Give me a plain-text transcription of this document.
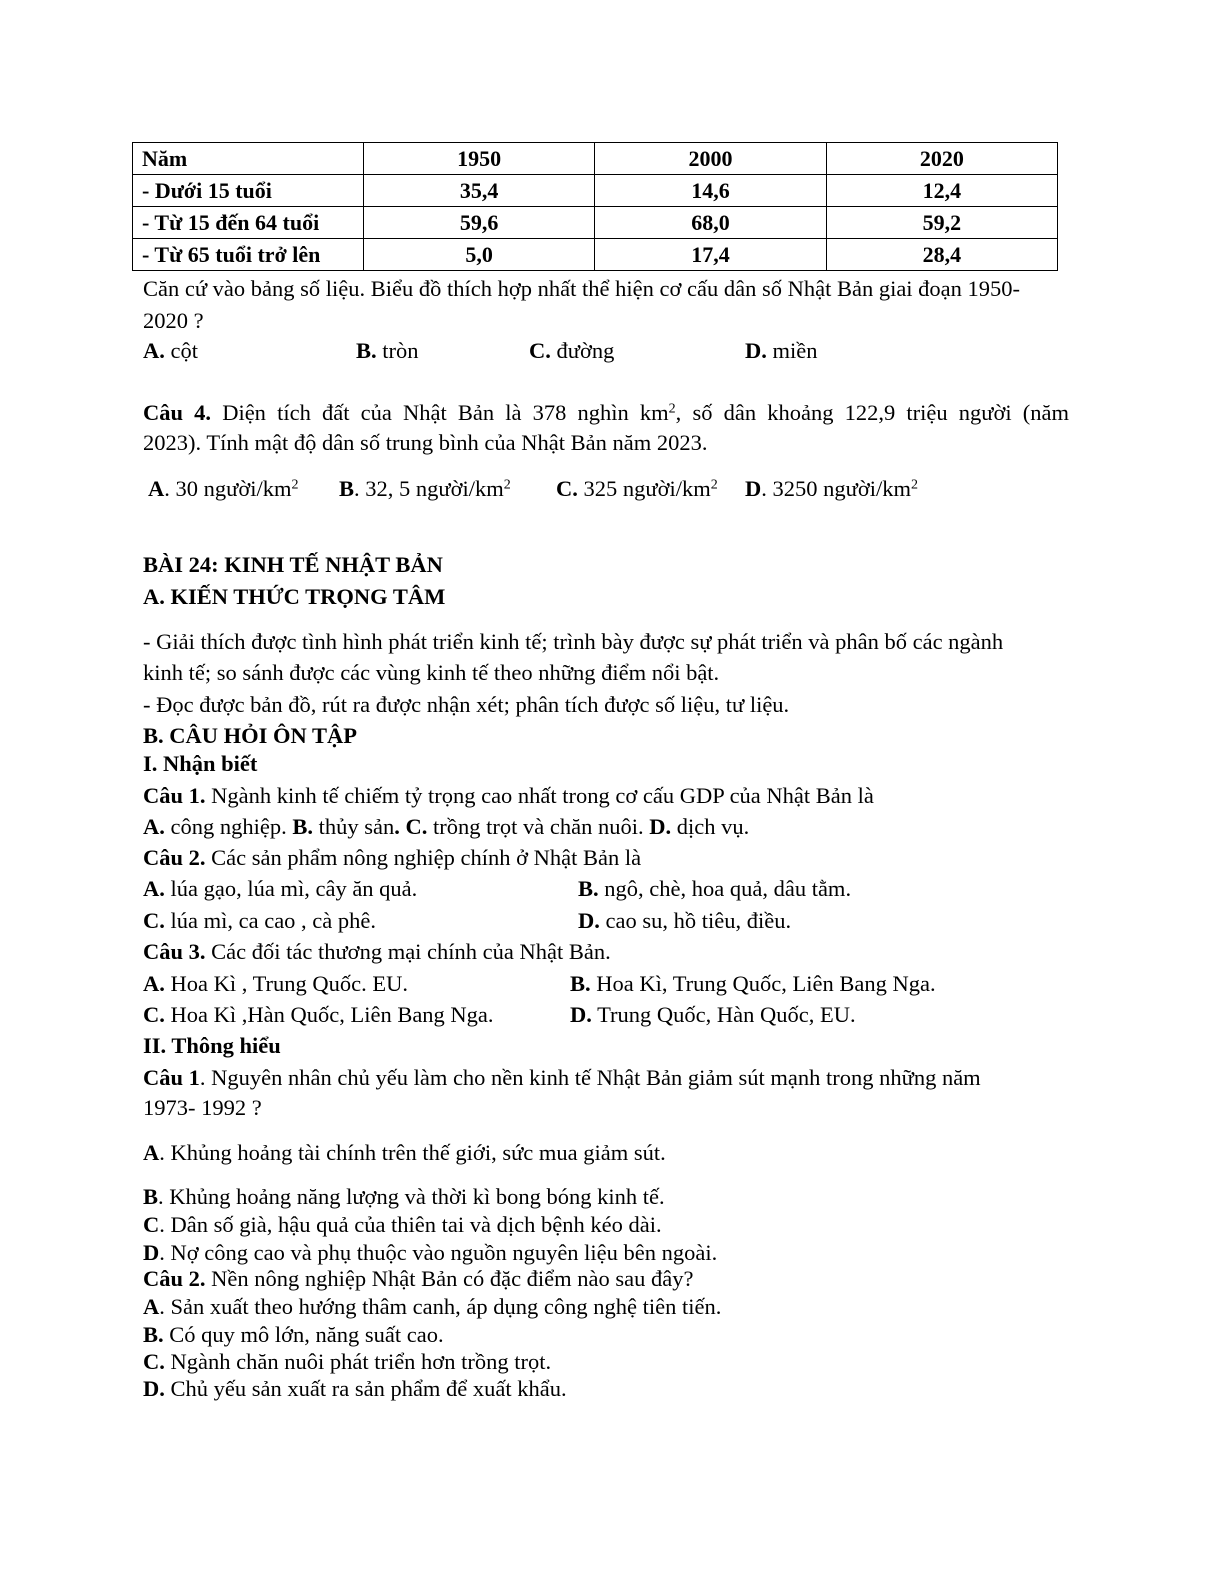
Năm	1950	2000	2020
- Dưới 15 tuổi	35,4	14,6	12,4
- Từ 15 đến 64 tuổi	59,6	68,0	59,2
- Từ 65 tuổi trở lên	5,0	17,4	28,4
Căn cứ vào bảng số liệu. Biểu đồ thích hợp nhất thể hiện cơ cấu dân số Nhật Bản giai đoạn 1950-
2020 ?
A. cột	B. tròn	C. đường	D. miền
Câu 4. Diện tích đất của Nhật Bản là 378 nghìn $km^2$, số dân khoảng 122,9 triệu người (năm
2023). Tính mật độ dân số trung bình của Nhật Bản năm 2023.
A. 30 người/$km^2$ B. 32, 5 người/$km^2$ C. 325 người/$km^2$ D. 3250 người/$km^2$
BÀI 24: KINH TẾ NHẬT BẢN
A. KIẾN THỨC TRỌNG TÂM
- Giải thích được tình hình phát triển kinh tế; trình bày được sự phát triển và phân bố các ngành
kinh tế; so sánh được các vùng kinh tế theo những điểm nổi bật.
- Đọc được bản đồ, rút ra được nhận xét; phân tích được số liệu, tư liệu.
B. CÂU HỎI ÔN TẬP
I. Nhận biết
Câu 1. Ngành kinh tế chiếm tỷ trọng cao nhất trong cơ cấu GDP của Nhật Bản là
A. công nghiệp. B. thủy sản. C. trồng trọt và chăn nuôi. D. dịch vụ.
Câu 2. Các sản phẩm nông nghiệp chính ở Nhật Bản là
A. lúa gạo, lúa mì, cây ăn quả.	B. ngô, chè, hoa quả, dâu tằm.
C. lúa mì, ca cao , cà phê.	D. cao su, hồ tiêu, điều.
Câu 3. Các đối tác thương mại chính của Nhật Bản.
A. Hoa Kì , Trung Quốc. EU.	B. Hoa Kì, Trung Quốc, Liên Bang Nga.
C. Hoa Kì ,Hàn Quốc, Liên Bang Nga.	D. Trung Quốc, Hàn Quốc, EU.
II. Thông hiểu
Câu 1. Nguyên nhân chủ yếu làm cho nền kinh tế Nhật Bản giảm sút mạnh trong những năm
1973- 1992 ?
A. Khủng hoảng tài chính trên thế giới, sức mua giảm sút.
B. Khủng hoảng năng lượng và thời kì bong bóng kinh tế.
C. Dân số già, hậu quả của thiên tai và dịch bệnh kéo dài.
D. Nợ công cao và phụ thuộc vào nguồn nguyên liệu bên ngoài.
Câu 2. Nền nông nghiệp Nhật Bản có đặc điểm nào sau đây?
A. Sản xuất theo hướng thâm canh, áp dụng công nghệ tiên tiến.
B. Có quy mô lớn, năng suất cao.
C. Ngành chăn nuôi phát triển hơn trồng trọt.
D. Chủ yếu sản xuất ra sản phẩm để xuất khẩu.
